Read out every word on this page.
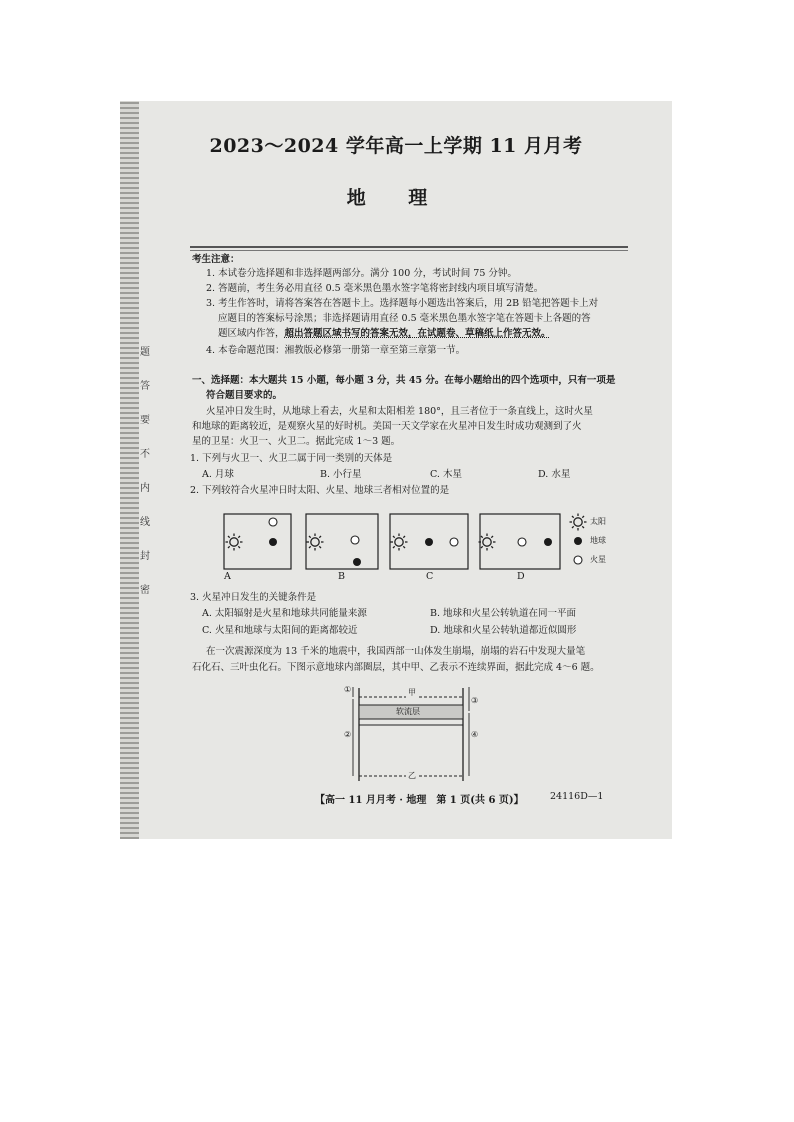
题
答
要
不
内
线
封
密
2023～2024 学年高一上学期 11 月月考
地 理
考生注意：
1. 本试卷分选择题和非选择题两部分。满分 100 分，考试时间 75 分钟。
2. 答题前，考生务必用直径 0.5 毫米黑色墨水签字笔将密封线内项目填写清楚。
3. 考生作答时，请将答案答在答题卡上。选择题每小题选出答案后，用 2B 铅笔把答题卡上对
应题目的答案标号涂黑；非选择题请用直径 0.5 毫米黑色墨水签字笔在答题卡上各题的答
题区域内作答，超出答题区域书写的答案无效，在试题卷、草稿纸上作答无效。
4. 本卷命题范围：湘教版必修第一册第一章至第三章第一节。
一、选择题：本大题共 15 小题，每小题 3 分，共 45 分。在每小题给出的四个选项中，只有一项是
符合题目要求的。
火星冲日发生时，从地球上看去，火星和太阳相差 180°，且三者位于一条直线上，这时火星
和地球的距离较近，是观察火星的好时机。美国一天文学家在火星冲日发生时成功观测到了火
星的卫星：火卫一、火卫二。据此完成 1～3 题。
1. 下列与火卫一、火卫二属于同一类别的天体是
A. 月球	B. 小行星	C. 木星	D. 水星
2. 下列较符合火星冲日时太阳、火星、地球三者相对位置的是
A	B	C	D
太阳
地球
火星
3. 火星冲日发生的关键条件是
A. 太阳辐射是火星和地球共同能量来源	B. 地球和火星公转轨道在同一平面
C. 火星和地球与太阳间的距离都较近	D. 地球和火星公转轨道都近似圆形
在一次震源深度为 13 千米的地震中，我国西部一山体发生崩塌，崩塌的岩石中发现大量笔
石化石、三叶虫化石。下图示意地球内部圈层，其中甲、乙表示不连续界面，据此完成 4～6 题。
甲
软流层
乙
①
②
③
④
【高一 11 月月考 · 地理　第 1 页(共 6 页)】	24116D—1
